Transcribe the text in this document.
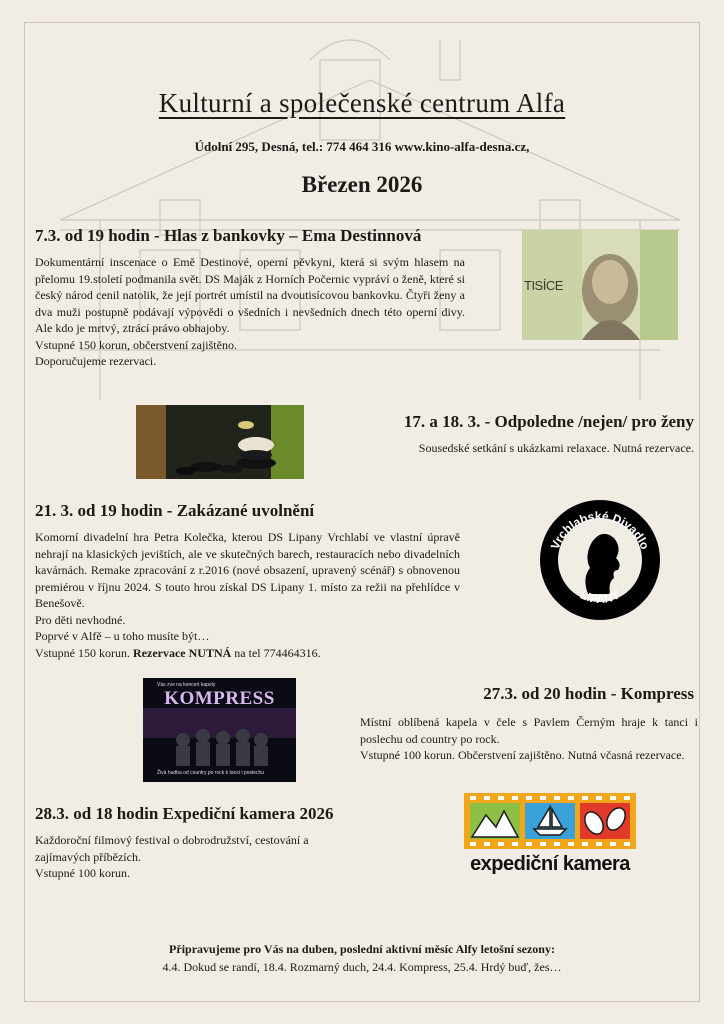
Kulturní a společenské centrum Alfa
Údolní 295, Desná, tel.: 774 464 316 www.kino-alfa-desna.cz,
Březen 2026
7.3. od 19 hodin - Hlas z bankovky – Ema Destinnová

Dokumentární inscenace o Emě Destinové, operní pěvkyni, která si svým hlasem na přelomu 19.století podmanila svět. DS Maják z Horních Počernic vypráví o ženě, které si český národ cenil natolik, že její portrét umístil na dvoutisícovou bankovku. Čtyři ženy a dva muži postupně podávají výpovědi o všedních i nevšedních dnech této operní divy. Ale kdo je mrtvý, ztrácí právo obhajoby.

Vstupné 150 korun, občerstvení zajištěno.

Doporučujeme rezervaci.

TISÍCE
17. a 18. 3. - Odpoledne /nejen/ pro ženy

Sousedské setkání s ukázkami relaxace. Nutná rezervace.

21. 3. od 19 hodin - Zakázané uvolnění

Komorní divadelní hra Petra Kolečka, kterou DS Lipany Vrchlabí ve vlastní úpravě nehrají na klasických jevištích, ale ve skutečných barech, restauracích nebo divadelních kavárnách. Remake zpracování z r.2016 (nové obsazení, upravený scénář) s obnovenou premiérou v říjnu 2024. S touto hrou získal DS Lipany 1. místo za režii na přehlídce v Benešově.

Pro děti nevhodné.

Poprvé v Alfě – u toho musíte být…

Vstupné 150 korun. Rezervace NUTNÁ na tel 774464316.

Vrchlabské Divadlo
LIPANY
Vás zve na koncert kapely
KOMPRESS
Živá hudba od country po rock k tanci i poslechu
27.3. od 20 hodin - Kompress

Místní oblíbená kapela v čele s Pavlem Černým hraje k tanci i poslechu od country po rock.

Vstupné 100 korun. Občerstvení zajištěno. Nutná včasná rezervace.

28.3. od 18 hodin Expediční kamera 2026

Každoroční filmový festival o dobrodružství, cestování a zajímavých příbězích.

Vstupné 100 korun.	expediční kamera
Připravujeme pro Vás na duben, poslední aktivní měsíc Alfy letošní sezony:
4.4. Dokud se randí, 18.4. Rozmarný duch, 24.4. Kompress, 25.4. Hrdý buď, žes…
